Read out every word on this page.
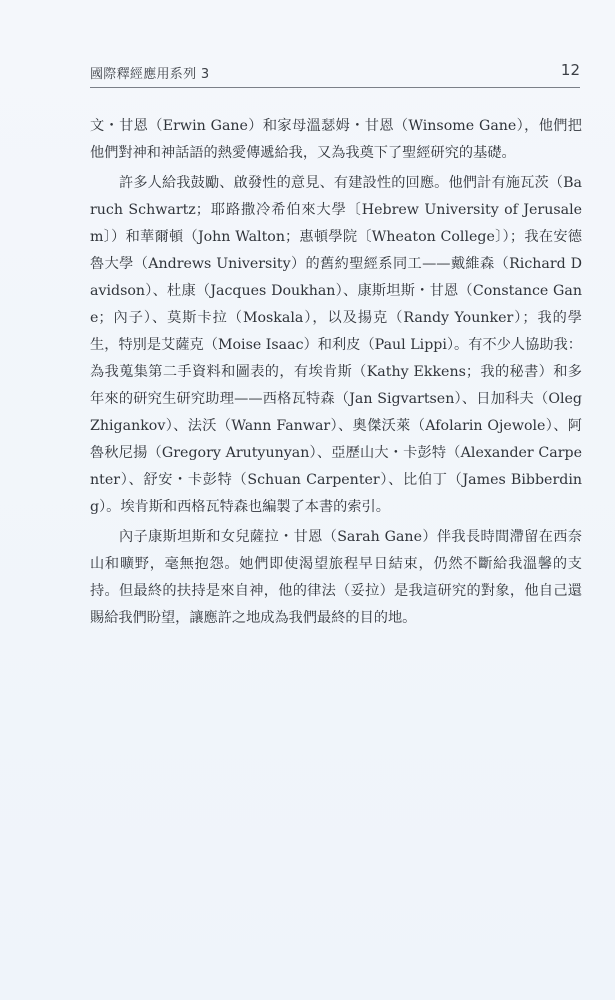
國際釋經應用系列 3	12

文・甘恩（Erwin Gane）和家母溫瑟姆・甘恩（Winsome Gane），他們把他們對神和神話語的熱愛傳遞給我，又為我奠下了聖經研究的基礎。

許多人給我鼓勵、啟發性的意見、有建設性的回應。他們計有施瓦茨（Baruch Schwartz；耶路撒冷希伯來大學〔Hebrew University of Jerusalem〕）和華爾頓（John Walton；惠頓學院〔Wheaton College〕）；我在安德魯大學（Andrews University）的舊約聖經系同工——戴維森（Richard Davidson）、杜康（Jacques Doukhan）、康斯坦斯・甘恩（Constance Gane；內子）、莫斯卡拉（Moskala），以及揚克（Randy Younker）；我的學生，特別是艾薩克（Moise Isaac）和利皮（Paul Lippi）。有不少人協助我：為我蒐集第二手資料和圖表的，有埃肯斯（Kathy Ekkens；我的秘書）和多年來的研究生研究助理——西格瓦特森（Jan Sigvartsen）、日加科夫（Oleg Zhigankov）、法沃（Wann Fanwar）、奧傑沃萊（Afolarin Ojewole）、阿魯秋尼揚（Gregory Arutyunyan）、亞歷山大・卡彭特（Alexander Carpenter）、舒安・卡彭特（Schuan Carpenter）、比伯丁（James Bibberding）。埃肯斯和西格瓦特森也編製了本書的索引。

內子康斯坦斯和女兒薩拉・甘恩（Sarah Gane）伴我長時間滯留在西奈山和曠野，毫無抱怨。她們即使渴望旅程早日結束，仍然不斷給我溫馨的支持。但最終的扶持是來自神，他的律法（妥拉）是我這研究的對象，他自己還賜給我們盼望，讓應許之地成為我們最終的目的地。
